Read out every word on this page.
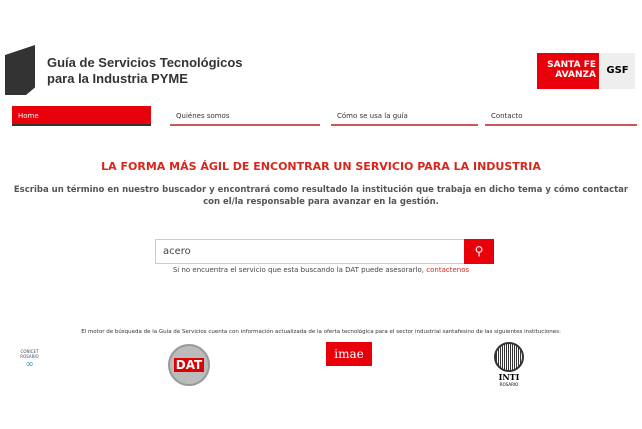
Guía de Servicios Tecnológicos
para la Industria PYME
SANTA FE
AVANZA	GSF
Home	Quiénes somos	Cómo se usa la guía	Contacto
LA FORMA MÁS ÁGIL DE ENCONTRAR UN SERVICIO PARA LA INDUSTRIA
Escriba un término en nuestro buscador y encontrará como resultado la institución que trabaja en dicho tema y cómo contactar con el/la responsable para avanzar en la gestión.
acero	⚲
Si no encuentra el servicio que esta buscando la DAT puede asesorarlo, contactenos
El motor de búsqueda de la Guía de Servicios cuenta con información actualizada de la oferta tecnológica para el sector industrial santafesino de las siguientes instituciones:
CONICET ROSARIO
∞	DAT
imae
INTI
ROSARIO
